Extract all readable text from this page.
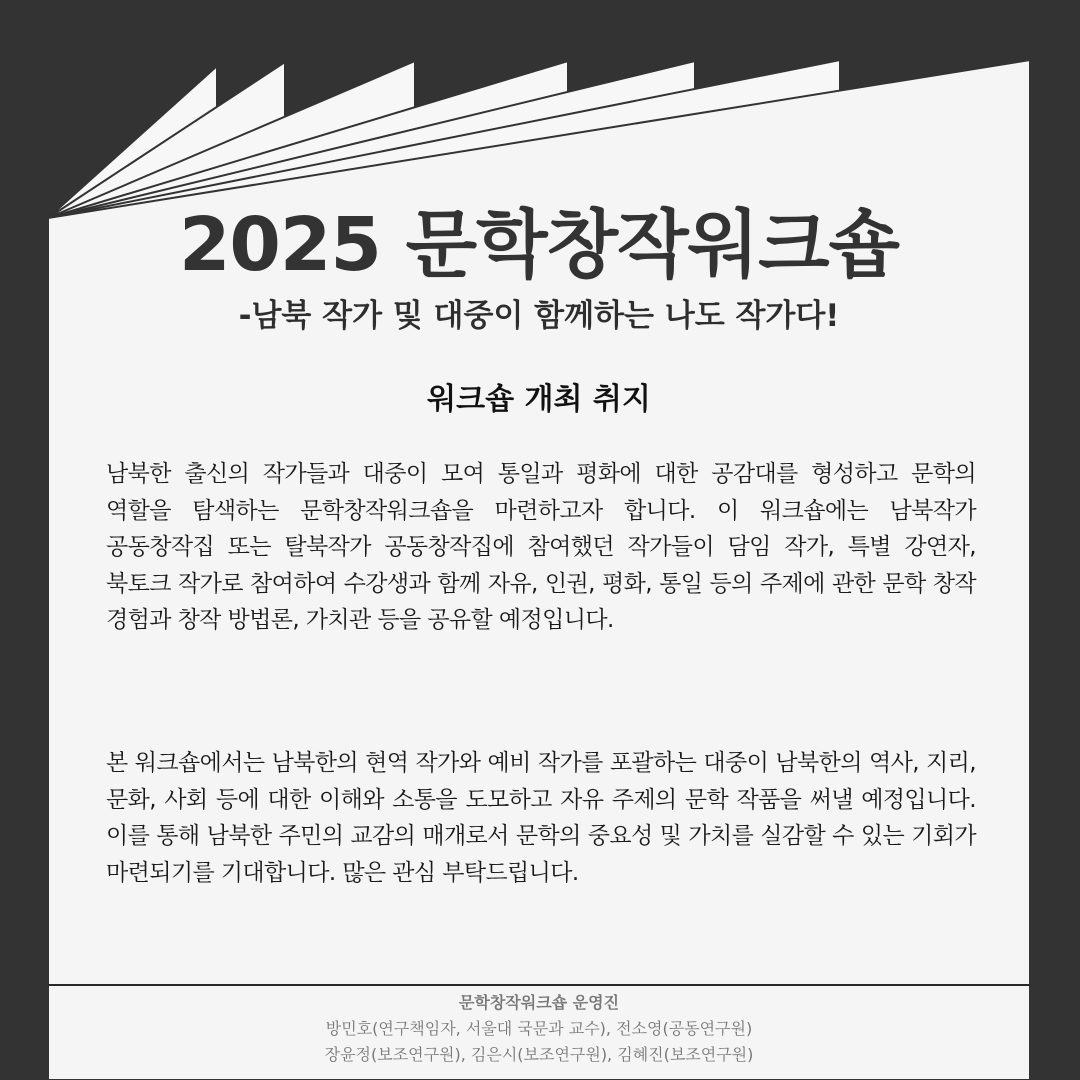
2025 문학창작워크숍
-남북 작가 및 대중이 함께하는 나도 작가다!
워크숍 개최 취지

남북한 출신의 작가들과 대중이 모여 통일과 평화에 대한 공감대를 형성하고 문학의 역할을 탐색하는 문학창작워크숍을 마련하고자 합니다. 이 워크숍에는 남북작가 공동창작집 또는 탈북작가 공동창작집에 참여했던 작가들이 담임 작가, 특별 강연자, 북토크 작가로 참여하여 수강생과 함께 자유, 인권, 평화, 통일 등의 주제에 관한 문학 창작 경험과 창작 방법론, 가치관 등을 공유할 예정입니다.

본 워크숍에서는 남북한의 현역 작가와 예비 작가를 포괄하는 대중이 남북한의 역사, 지리, 문화, 사회 등에 대한 이해와 소통을 도모하고 자유 주제의 문학 작품을 써낼 예정입니다. 이를 통해 남북한 주민의 교감의 매개로서 문학의 중요성 및 가치를 실감할 수 있는 기회가 마련되기를 기대합니다. 많은 관심 부탁드립니다.

문학창작워크숍 운영진
방민호(연구책임자, 서울대 국문과 교수), 전소영(공동연구원)
장윤정(보조연구원), 김은시(보조연구원), 김혜진(보조연구원)
